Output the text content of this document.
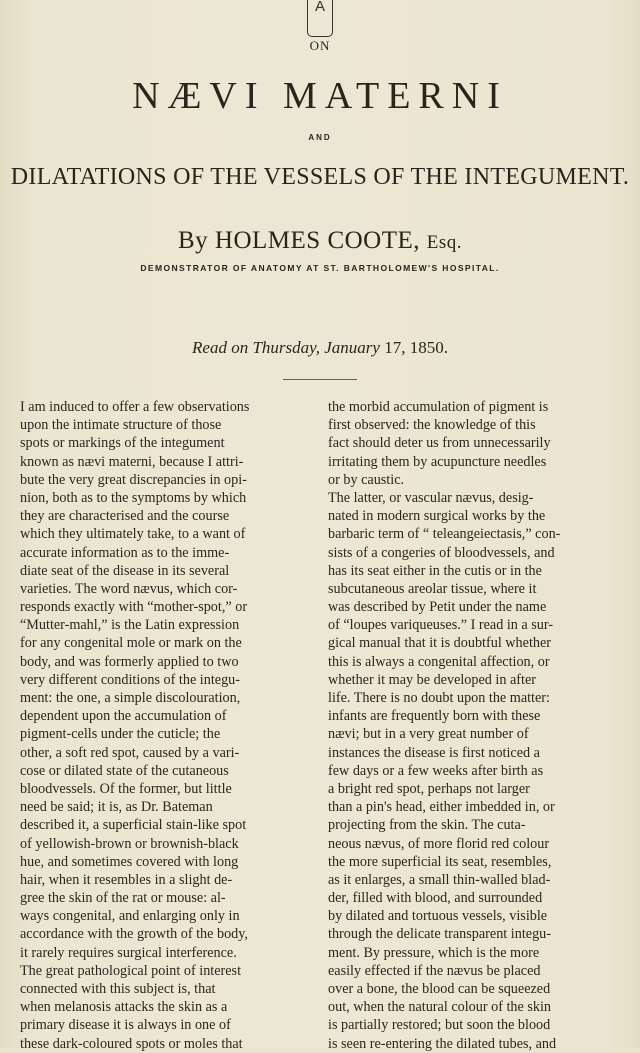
A
ON
NÆVI MATERNI
AND
DILATATIONS OF THE VESSELS OF THE INTEGUMENT.
By HOLMES COOTE, Esq.
DEMONSTRATOR OF ANATOMY AT ST. BARTHOLOMEW'S HOSPITAL.
Read on Thursday, January 17, 1850.
I am induced to offer a few observations
upon the intimate structure of those
spots or markings of the integument
known as nævi materni, because I attri-
bute the very great discrepancies in opi-
nion, both as to the symptoms by which
they are characterised and the course
which they ultimately take, to a want of
accurate information as to the imme-
diate seat of the disease in its several
varieties. The word nævus, which cor-
responds exactly with “mother-spot,” or
“Mutter-mahl,” is the Latin expression
for any congenital mole or mark on the
body, and was formerly applied to two
very different conditions of the integu-
ment: the one, a simple discolouration,
dependent upon the accumulation of
pigment-cells under the cuticle; the
other, a soft red spot, caused by a vari-
cose or dilated state of the cutaneous
bloodvessels. Of the former, but little
need be said; it is, as Dr. Bateman
described it, a superficial stain-like spot
of yellowish-brown or brownish-black
hue, and sometimes covered with long
hair, when it resembles in a slight de-
gree the skin of the rat or mouse: al-
ways congenital, and enlarging only in
accordance with the growth of the body,
it rarely requires surgical interference.
The great pathological point of interest
connected with this subject is, that
when melanosis attacks the skin as a
primary disease it is always in one of
these dark-coloured spots or moles that
the morbid accumulation of pigment is
first observed: the knowledge of this
fact should deter us from unnecessarily
irritating them by acupuncture needles
or by caustic.
The latter, or vascular nævus, desig-
nated in modern surgical works by the
barbaric term of “ teleangeiectasis,” con-
sists of a congeries of bloodvessels, and
has its seat either in the cutis or in the
subcutaneous areolar tissue, where it
was described by Petit under the name
of “loupes variqueuses.” I read in a sur-
gical manual that it is doubtful whether
this is always a congenital affection, or
whether it may be developed in after
life. There is no doubt upon the matter:
infants are frequently born with these
nævi; but in a very great number of
instances the disease is first noticed a
few days or a few weeks after birth as
a bright red spot, perhaps not larger
than a pin's head, either imbedded in, or
projecting from the skin. The cuta-
neous nævus, of more florid red colour
the more superficial its seat, resembles,
as it enlarges, a small thin-walled blad-
der, filled with blood, and surrounded
by dilated and tortuous vessels, visible
through the delicate transparent integu-
ment. By pressure, which is the more
easily effected if the nævus be placed
over a bone, the blood can be squeezed
out, when the natural colour of the skin
is partially restored; but soon the blood
is seen re-entering the dilated tubes, and
